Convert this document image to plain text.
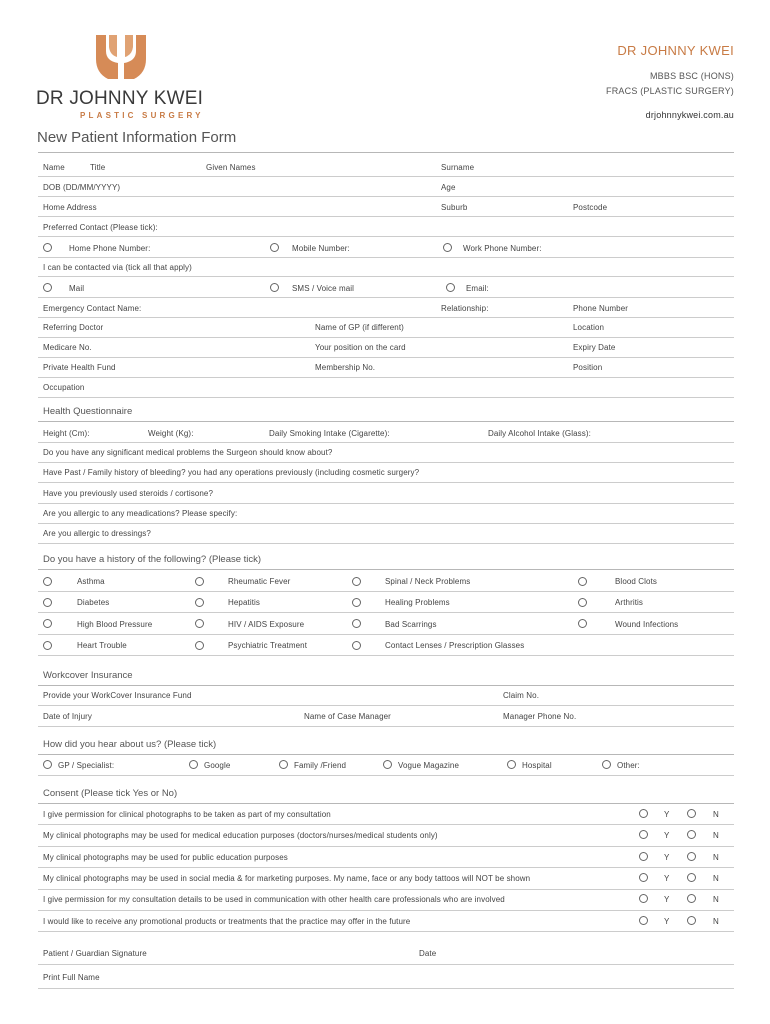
DR JOHNNY KWEI
PLASTIC SURGERY
DR JOHNNY KWEI
MBBS BSC (HONS)
FRACS (PLASTIC SURGERY)
drjohnnykwei.com.au
New Patient Information Form
Name	Title	Given Names	Surname
DOB (DD/MM/YYYY)	Age
Home Address	Suburb	Postcode
Preferred Contact (Please tick):
Home Phone Number:	Mobile Number:	Work Phone Number:
I can be contacted via (tick all that apply)
Mail	SMS / Voice mail	Email:
Emergency Contact Name:	Relationship:	Phone Number
Referring Doctor	Name of GP (if different)	Location
Medicare No.	Your position on the card	Expiry Date
Private Health Fund	Membership No.	Position
Occupation
Health Questionnaire
Height (Cm):	Weight (Kg):	Daily Smoking Intake (Cigarette):	Daily Alcohol Intake (Glass):
Do you have any significant medical problems the Surgeon should know about?
Have Past / Family history of bleeding? you had any operations previously (including cosmetic surgery?
Have you previously used steroids / cortisone?
Are you allergic to any meadications? Please specify:
Are you allergic to dressings?
Do you have a history of the following? (Please tick)
Asthma	Rheumatic Fever	Spinal / Neck Problems	Blood Clots
Diabetes	Hepatitis	Healing Problems	Arthritis
High Blood Pressure	HIV / AIDS Exposure	Bad Scarrings	Wound Infections
Heart Trouble	Psychiatric Treatment	Contact Lenses / Prescription Glasses
Workcover Insurance
Provide your WorkCover Insurance Fund	Claim No.
Date of Injury	Name of Case Manager	Manager Phone No.
How did you hear about us? (Please tick)
GP / Specialist:	Google	Family /Friend	Vogue Magazine	Hospital	Other:
Consent (Please tick Yes or No)
I give permission for clinical photographs to be taken as part of my consultation	Y	N
My clinical photographs may be used for medical education purposes (doctors/nurses/medical students only)	Y	N
My clinical photographs may be used for public education purposes	Y	N
My clinical photographs may be used in social media & for marketing purposes. My name, face or any body tattoos will NOT be shown	Y	N
I give permission for my consultation details to be used in communication with other health care professionals who are involved	Y	N
I would like to receive any promotional products or treatments that the practice may offer in the future	Y	N
Patient / Guardian Signature	Date
Print Full Name
